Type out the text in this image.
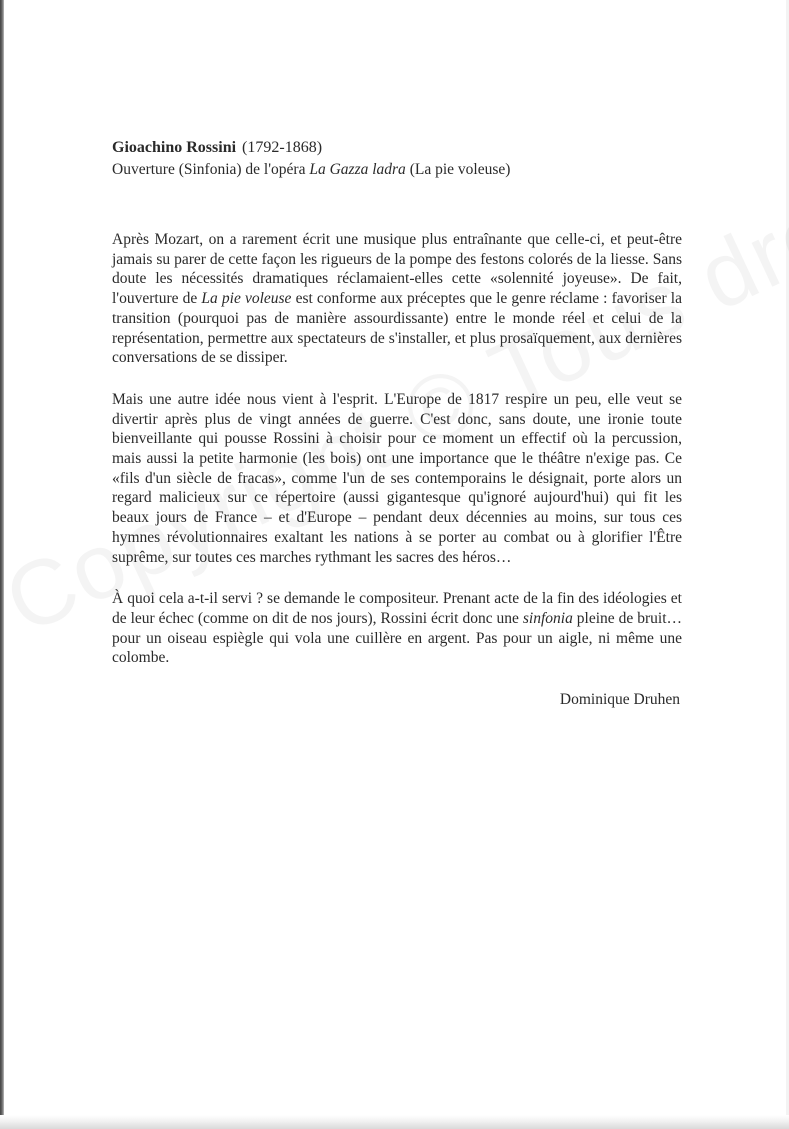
Gioachino Rossini (1792-1868)
Ouverture (Sinfonia) de l'opéra La Gazza ladra (La pie voleuse)

Après Mozart, on a rarement écrit une musique plus entraînante que celle-ci, et peut-être jamais su parer de cette façon les rigueurs de la pompe des festons colorés de la liesse. Sans doute les nécessités dramatiques réclamaient-elles cette «solennité joyeuse». De fait, l'ouverture de La pie voleuse est conforme aux préceptes que le genre réclame : favoriser la transition (pourquoi pas de manière assourdissante) entre le monde réel et celui de la représentation, permettre aux spectateurs de s'installer, et plus prosaïquement, aux dernières conversations de se dissiper.

Mais une autre idée nous vient à l'esprit. L'Europe de 1817 respire un peu, elle veut se divertir après plus de vingt années de guerre. C'est donc, sans doute, une ironie toute bienveillante qui pousse Rossini à choisir pour ce moment un effectif où la percussion, mais aussi la petite harmonie (les bois) ont une importance que le théâtre n'exige pas. Ce «fils d'un siècle de fracas», comme l'un de ses contemporains le désignait, porte alors un regard malicieux sur ce répertoire (aussi gigantesque qu'ignoré aujourd'hui) qui fit les beaux jours de France – et d'Europe – pendant deux décennies au moins, sur tous ces hymnes révolutionnaires exaltant les nations à se porter au combat ou à glorifier l'Être suprême, sur toutes ces marches rythmant les sacres des héros…

À quoi cela a-t-il servi ? se demande le compositeur. Prenant acte de la fin des idéologies et de leur échec (comme on dit de nos jours), Rossini écrit donc une sinfonia pleine de bruit… pour un oiseau espiègle qui vola une cuillère en argent. Pas pour un aigle, ni même une colombe.

Dominique Druhen
